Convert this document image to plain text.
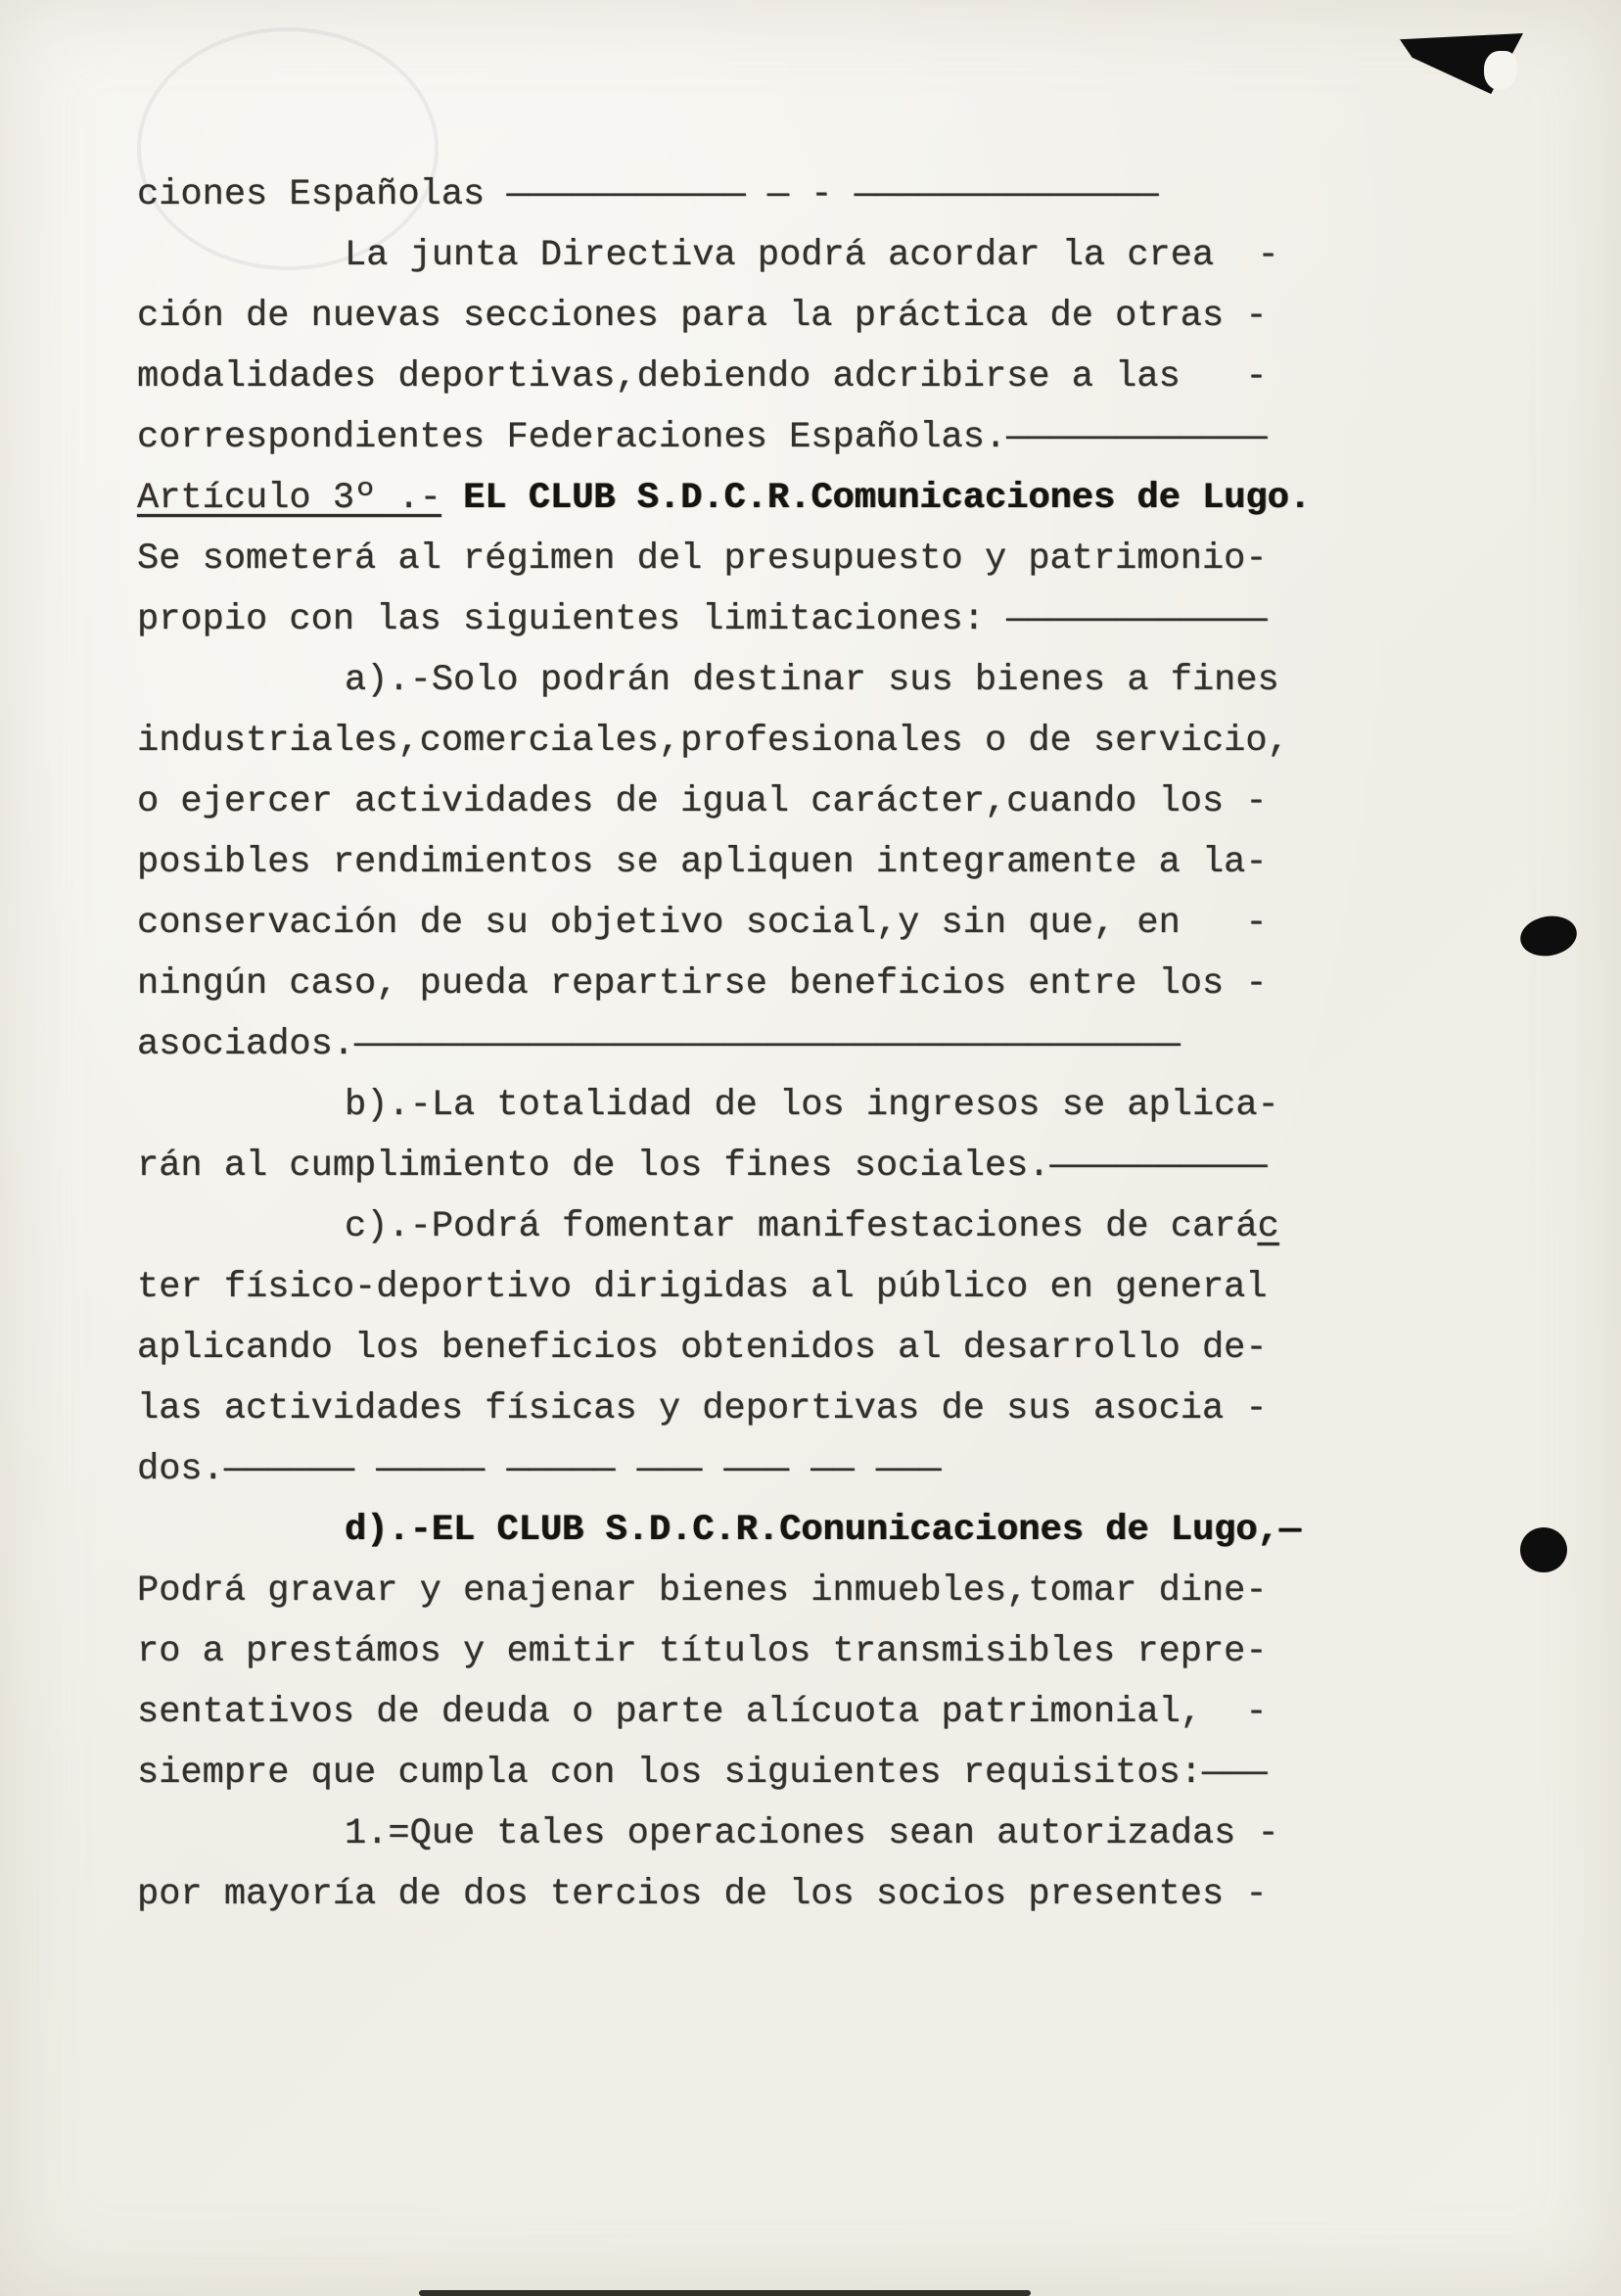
ciones Españolas ——————————— — - ——————————————
La junta Directiva podrá acordar la crea  -
ción de nuevas secciones para la práctica de otras -
modalidades deportivas,debiendo adcribirse a las   -
correspondientes Federaciones Españolas.————————————
Artículo 3º .- EL CLUB S.D.C.R.Comunicaciones de Lugo.
Se someterá al régimen del presupuesto y patrimonio-
propio con las siguientes limitaciones: ————————————
a).-Solo podrán destinar sus bienes a fines
industriales,comerciales,profesionales o de servicio,
o ejercer actividades de igual carácter,cuando los -
posibles rendimientos se apliquen integramente a la-
conservación de su objetivo social,y sin que, en   -
ningún caso, pueda repartirse beneficios entre los -
asociados.——————————————————————————————————————
b).-La totalidad de los ingresos se aplica-
rán al cumplimiento de los fines sociales.——————————
c).-Podrá fomentar manifestaciones de carác
ter físico-deportivo dirigidas al público en general
aplicando los beneficios obtenidos al desarrollo de-
las actividades físicas y deportivas de sus asocia -
dos.—————— ————— ————— ——— ——— —— ———
d).-EL CLUB S.D.C.R.Conunicaciones de Lugo,—
Podrá gravar y enajenar bienes inmuebles,tomar dine-
ro a prestámos y emitir títulos transmisibles repre-
sentativos de deuda o parte alícuota patrimonial,  -
siempre que cumpla con los siguientes requisitos:———
1.=Que tales operaciones sean autorizadas -
por mayoría de dos tercios de los socios presentes -
